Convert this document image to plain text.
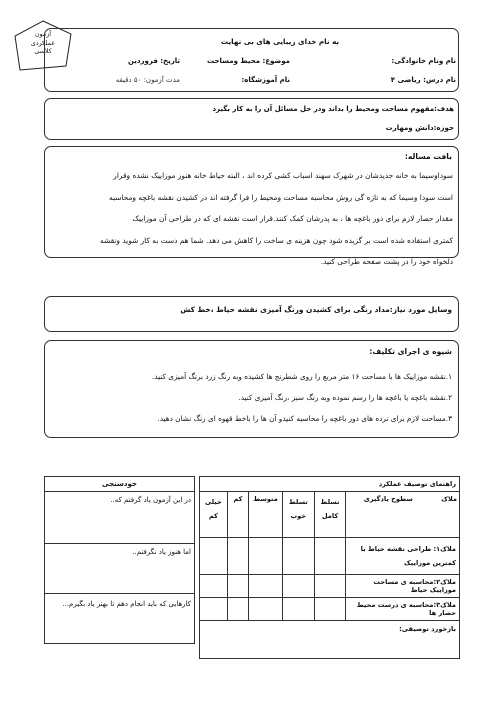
آزمون
عملکردی
کلاسی
به نام خدای زیبایی های بی نهایت
نام ونام خانوادگی:
موضوع: محیط ومساحت
تاریخ: فروردین
نام درس: ریاضی ۴
نام آموزشگاه:
مدت آزمون: ۵۰ دقیقه
هدف:مفهوم مساحت ومحیط را بداند ودر حل مسائل آن را به کار بگیرد
حوزه:دانش ومهارت
بافت مساله:
سوداوسیما به خانه جدیدشان در شهرک سهند اسباب کشی کرده اند ، البته حیاط خانه هنوز موزاییک نشده وقرار
است سودا وسیما که به تازه گی روش محاسبه مساحت ومحیط را فرا گرفته اند در کشیدن نقشه باغچه ومحاسبه
مقدار حصار لازم برای دور باغچه ها ، به پدرشان کمک کنند.قرار است نقشه ای که در طراحی آن موزاییک
کمتری استفاده شده است بر گزیده شود چون هزینه ی ساخت را کاهش می دهد. شما هم دست به کار شوید ونقشه
دلخواه خود را در پشت صفحه طراحی کنید.
وسایل مورد نیاز:مداد رنگی برای کشیدن ورنگ آمیزی نقشه حیاط ،خط کش
شیوه ی اجرای تکلیف:
۱.نقشه موزاییک ها با مساحت ۱۶ متر مربع را روی شطرنج ها کشیده وبه رنگ زرد برنگ آمیزی کنید.
۲.نقشه باغچه یا باغچه ها را رسم نموده وبه رنگ سبز ،رنگ آمیزی کنید.
۳.مساحت لازم برای نرده های دور باغچه را محاسبه کنیدو آن ها را باخط قهوه ای رنگ نشان دهید.
خودسنجی
در این آزمون یاد گرفتم که..
اما هنوز یاد نگرفتم..
کارهایی که باید انجام دهم تا بهتر یاد بگیرم...
راهنمای توصیف عملکرد						
ملاک	سطوح یادگیری	تسلط کامل	تسلط خوب	متوسط	کم	خیلی کم
ملاک۱: طراحی نقشه حیاط با کمترین موزاییک						
ملاک۲:محاسبه ی مساحت موزاییک حیاط						
ملاک۳:محاسبه ی درست محیط حصار ها						
بازخورد توصیفی:						
